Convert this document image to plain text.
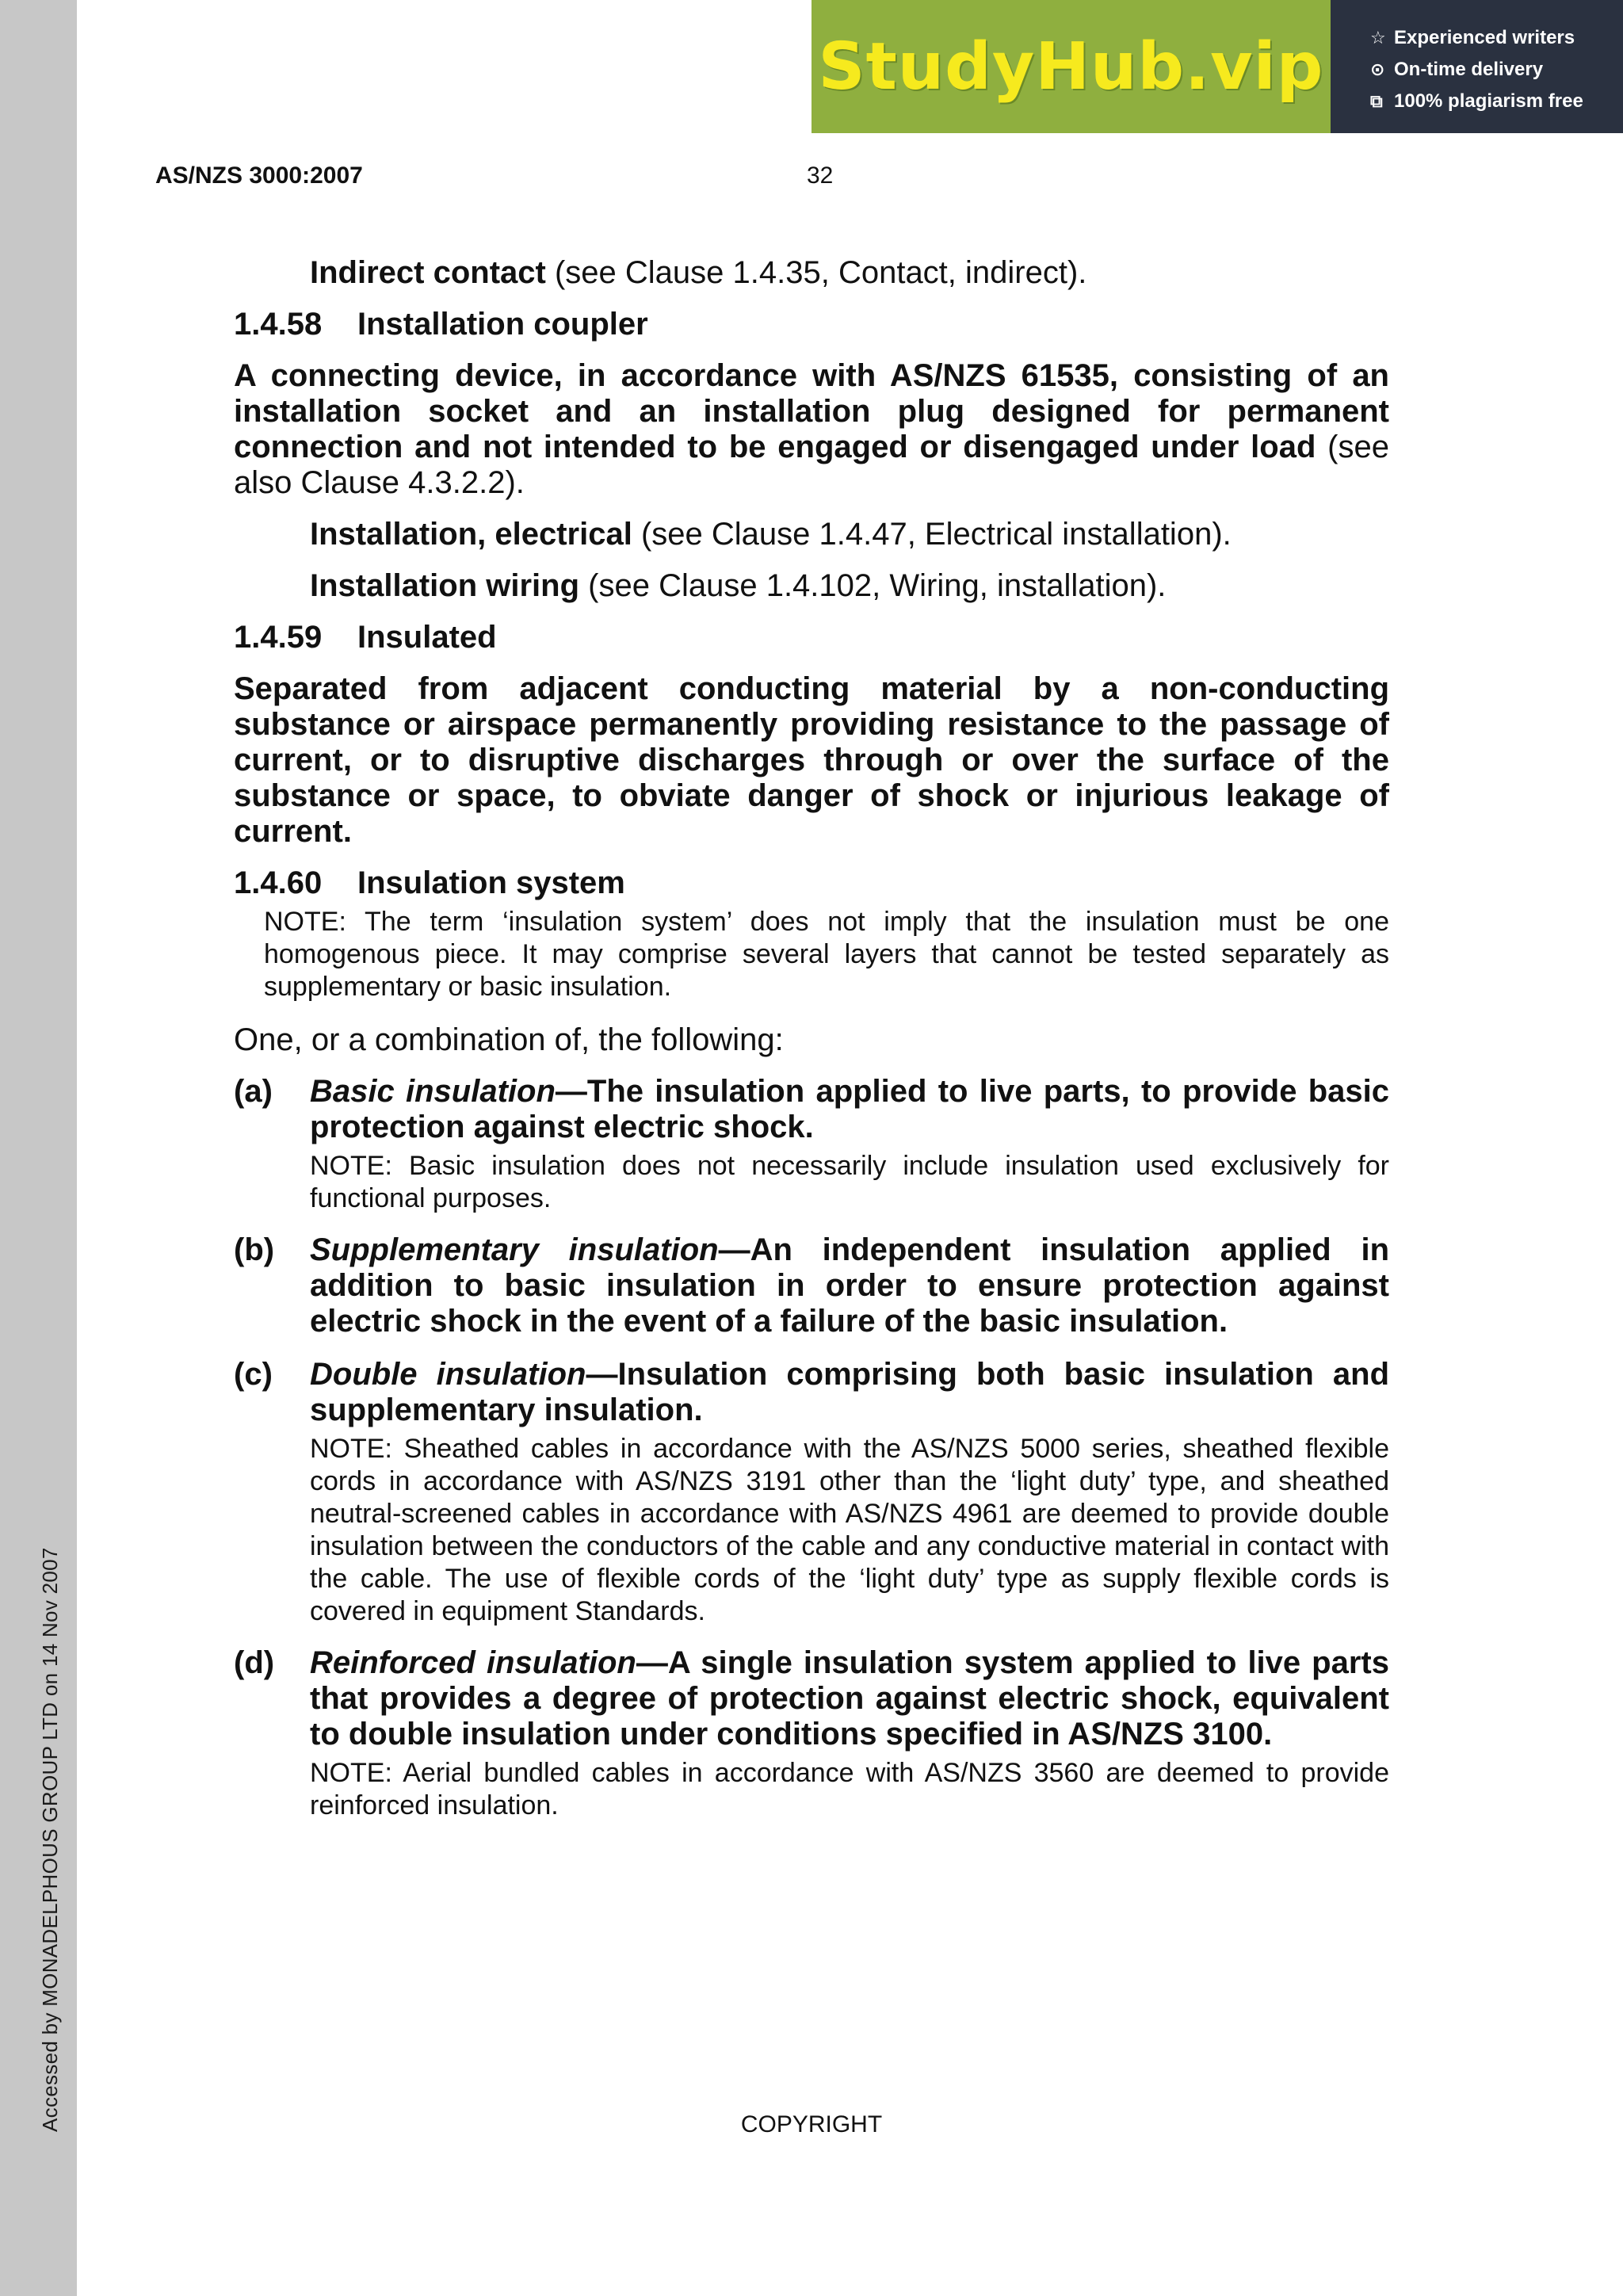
Accessed by MONADELPHOUS GROUP LTD on 14 Nov 2007
StudyHub.vip	☆ Experienced writers
⊙ On-time delivery
⧉ 100% plagiarism free
AS/NZS 3000:2007	32

Indirect contact (see Clause 1.4.35, Contact, indirect).

1.4.58 Installation coupler

A connecting device, in accordance with AS/NZS 61535, consisting of an installation socket and an installation plug designed for permanent connection and not intended to be engaged or disengaged under load (see also Clause 4.3.2.2).

Installation, electrical (see Clause 1.4.47, Electrical installation).

Installation wiring (see Clause 1.4.102, Wiring, installation).

1.4.59 Insulated

Separated from adjacent conducting material by a non-conducting substance or airspace permanently providing resistance to the passage of current, or to disruptive discharges through or over the surface of the substance or space, to obviate danger of shock or injurious leakage of current.

1.4.60 Insulation system

NOTE: The term ‘insulation system’ does not imply that the insulation must be one homogenous piece. It may comprise several layers that cannot be tested separately as supplementary or basic insulation.

One, or a combination of, the following:

(a)	Basic insulation—The insulation applied to live parts, to provide basic protection against electric shock.

NOTE: Basic insulation does not necessarily include insulation used exclusively for functional purposes.

(b)	Supplementary insulation—An independent insulation applied in addition to basic insulation in order to ensure protection against electric shock in the event of a failure of the basic insulation.

(c)	Double insulation—Insulation comprising both basic insulation and supplementary insulation.

NOTE: Sheathed cables in accordance with the AS/NZS 5000 series, sheathed flexible cords in accordance with AS/NZS 3191 other than the ‘light duty’ type, and sheathed neutral-screened cables in accordance with AS/NZS 4961 are deemed to provide double insulation between the conductors of the cable and any conductive material in contact with the cable. The use of flexible cords of the ‘light duty’ type as supply flexible cords is covered in equipment Standards.

(d)	Reinforced insulation—A single insulation system applied to live parts that provides a degree of protection against electric shock, equivalent to double insulation under conditions specified in AS/NZS 3100.

NOTE: Aerial bundled cables in accordance with AS/NZS 3560 are deemed to provide reinforced insulation.

COPYRIGHT
